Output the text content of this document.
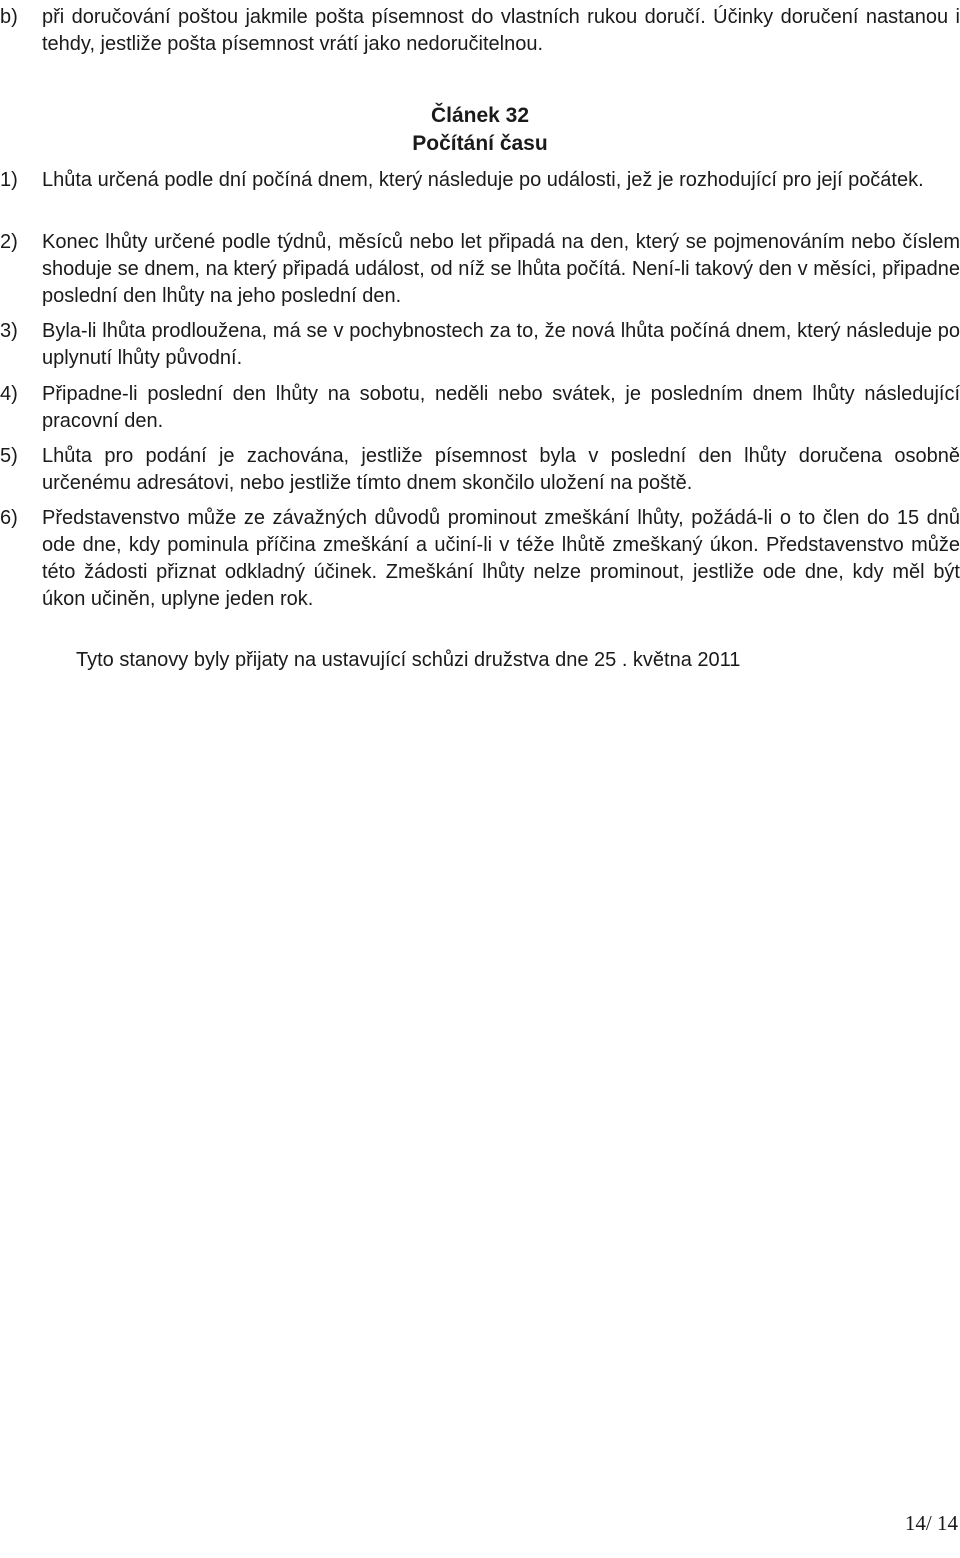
b)	při doručování poštou jakmile pošta písemnost do vlastních rukou doručí. Účinky doručení nastanou i tehdy, jestliže pošta písemnost vrátí jako nedoručitelnou.
Článek 32
Počítání času
1)	Lhůta určená podle dní počíná dnem, který následuje po události, jež je rozhodující pro její počátek.
2)	Konec lhůty určené podle týdnů, měsíců nebo let připadá na den, který se pojmenováním nebo číslem shoduje se dnem, na který připadá událost, od níž se lhůta počítá. Není-li takový den v měsíci, připadne poslední den lhůty na jeho poslední den.
3)	Byla-li lhůta prodloužena, má se v pochybnostech za to, že nová lhůta počíná dnem, který následuje po uplynutí lhůty původní.
4)	Připadne-li poslední den lhůty na sobotu, neděli nebo svátek, je posledním dnem lhůty následující pracovní den.
5)	Lhůta pro podání je zachována, jestliže písemnost byla v poslední den lhůty doručena osobně určenému adresátovi, nebo jestliže tímto dnem skončilo uložení na poště.
6)	Představenstvo může ze závažných důvodů prominout zmeškání lhůty, požádá-li o to člen do 15 dnů ode dne, kdy pominula příčina zmeškání a učiní-li v téže lhůtě zmeškaný úkon. Představenstvo může této žádosti přiznat odkladný účinek. Zmeškání lhůty nelze prominout, jestliže ode dne, kdy měl být úkon učiněn, uplyne jeden rok.
Tyto stanovy byly přijaty na ustavující schůzi družstva dne 25 . května 2011
14/ 14
